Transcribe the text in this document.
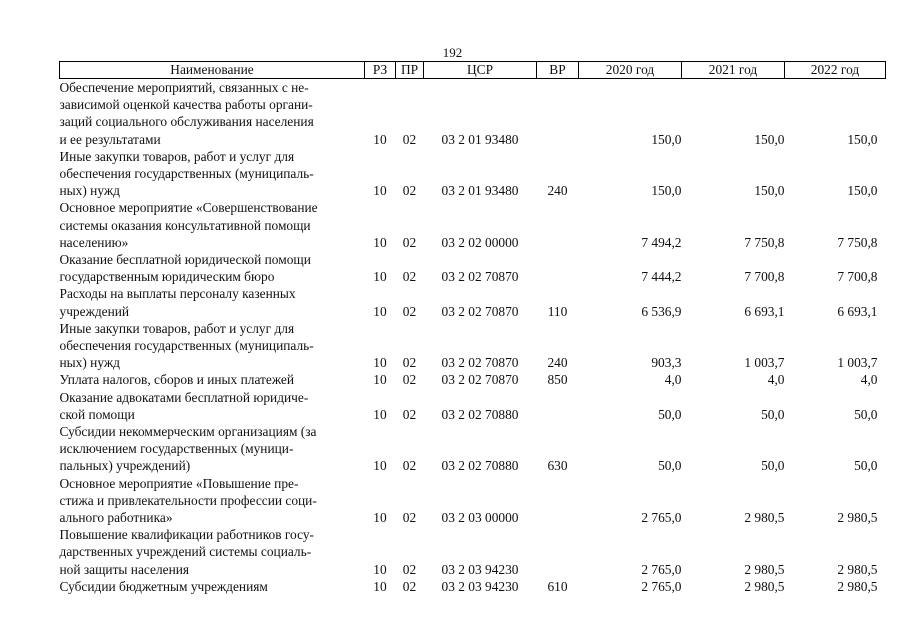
192
Наименование	РЗ	ПР	ЦСР	ВР	2020 год	2021 год	2022 год

Обеспечение мероприятий, связанных с не-
зависимой оценкой качества работы органи-
заций социального обслуживания населения
и ее результатами	10	02	03 2 01 93480		150,0	150,0	150,0

Иные закупки товаров, работ и услуг для
обеспечения государственных (муниципаль-
ных) нужд	10	02	03 2 01 93480	240	150,0	150,0	150,0

Основное мероприятие «Совершенствование
системы оказания консультативной помощи
населению»	10	02	03 2 02 00000		7 494,2	7 750,8	7 750,8

Оказание бесплатной юридической помощи
государственным юридическим бюро	10	02	03 2 02 70870		7 444,2	7 700,8	7 700,8

Расходы на выплаты персоналу казенных
учреждений	10	02	03 2 02 70870	110	6 536,9	6 693,1	6 693,1

Иные закупки товаров, работ и услуг для
обеспечения государственных (муниципаль-
ных) нужд	10	02	03 2 02 70870	240	903,3	1 003,7	1 003,7

Уплата налогов, сборов и иных платежей	10	02	03 2 02 70870	850	4,0	4,0	4,0

Оказание адвокатами бесплатной юридиче-
ской помощи	10	02	03 2 02 70880		50,0	50,0	50,0

Субсидии некоммерческим организациям (за
исключением государственных (муници-
пальных) учреждений)	10	02	03 2 02 70880	630	50,0	50,0	50,0

Основное мероприятие «Повышение пре-
стижа и привлекательности профессии соци-
ального работника»	10	02	03 2 03 00000		2 765,0	2 980,5	2 980,5

Повышение квалификации работников госу-
дарственных учреждений системы социаль-
ной защиты населения	10	02	03 2 03 94230		2 765,0	2 980,5	2 980,5

Субсидии бюджетным учреждениям	10	02	03 2 03 94230	610	2 765,0	2 980,5	2 980,5
